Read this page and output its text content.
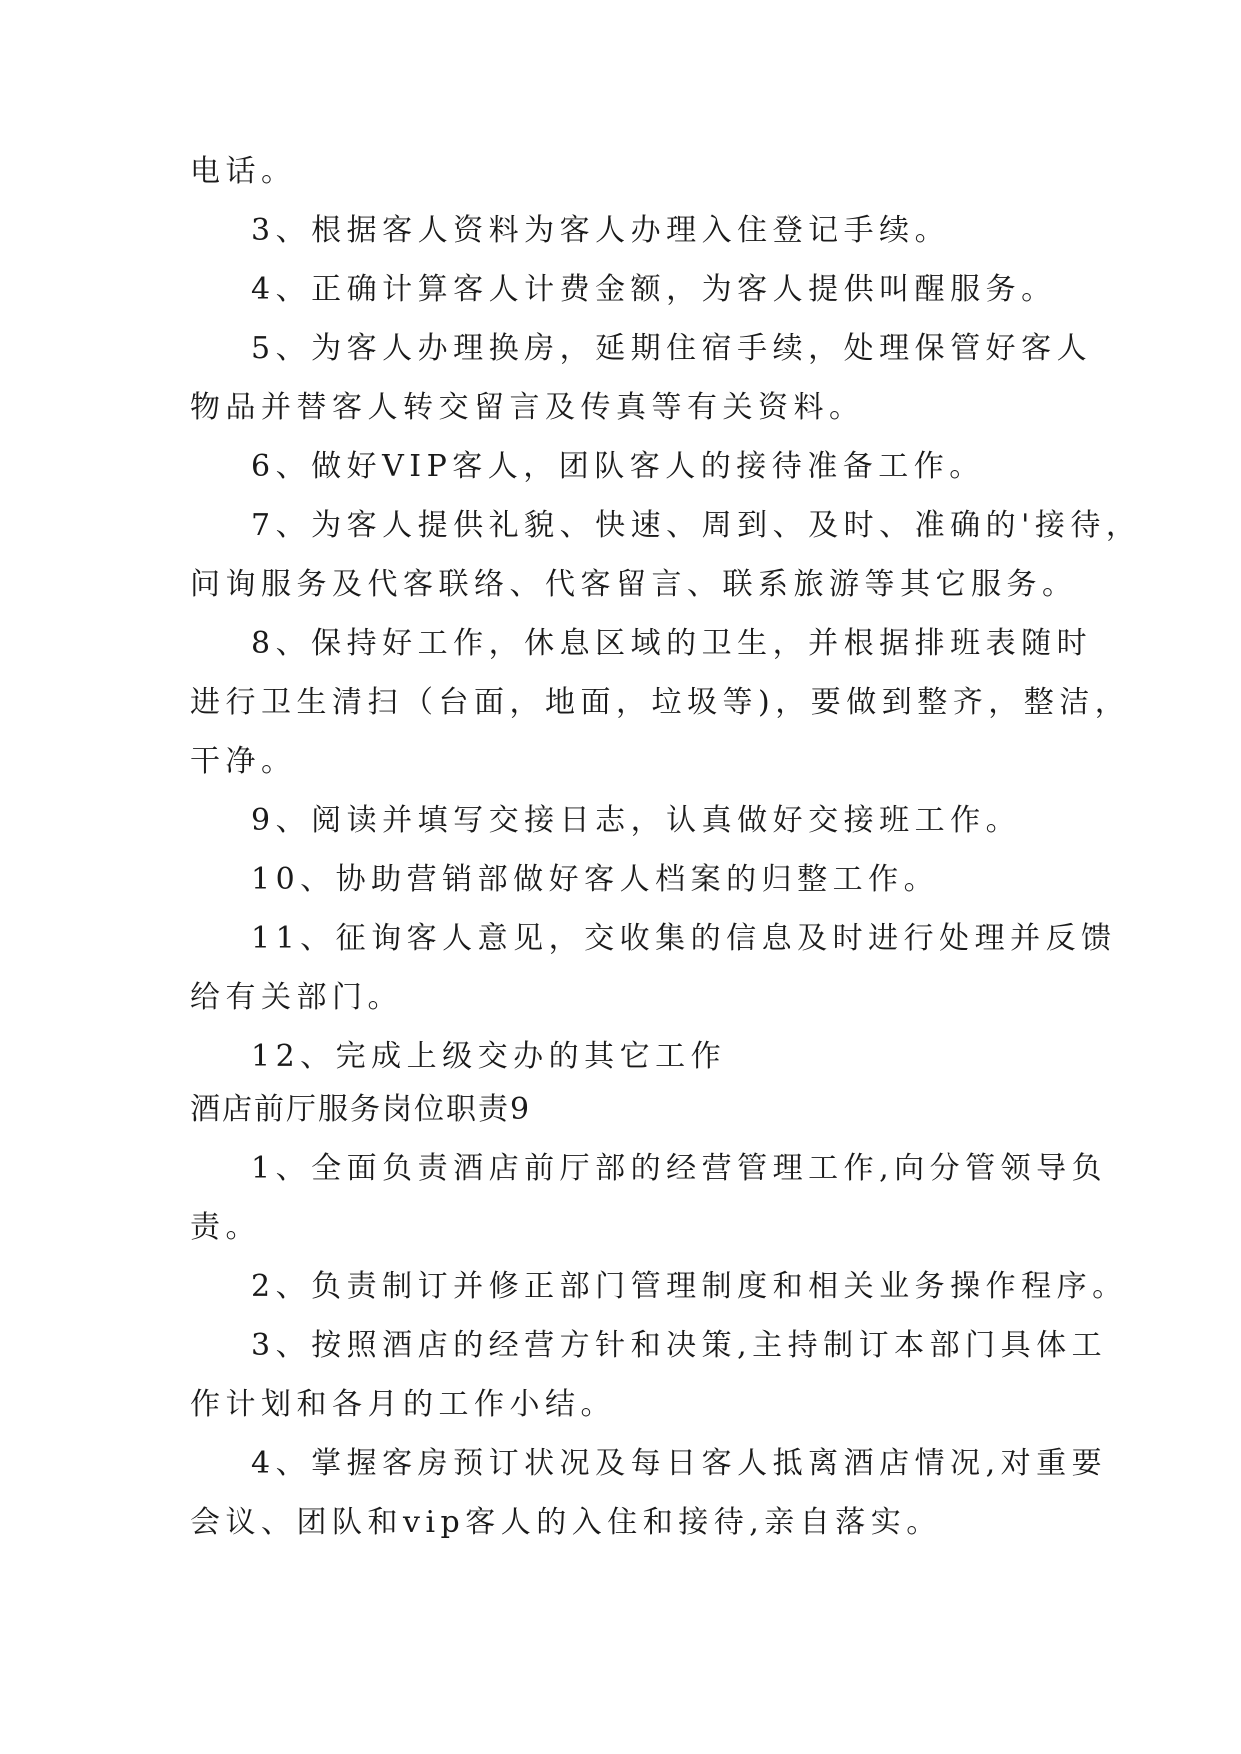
电话。
3、根据客人资料为客人办理入住登记手续。
4、正确计算客人计费金额，为客人提供叫醒服务。
5、为客人办理换房，延期住宿手续，处理保管好客人
物品并替客人转交留言及传真等有关资料。
6、做好VIP客人，团队客人的接待准备工作。
7、为客人提供礼貌、快速、周到、及时、准确的'接待，
问询服务及代客联络、代客留言、联系旅游等其它服务。
8、保持好工作，休息区域的卫生，并根据排班表随时
进行卫生清扫（台面，地面，垃圾等)，要做到整齐，整洁，
干净。
9、阅读并填写交接日志，认真做好交接班工作。
10、协助营销部做好客人档案的归整工作。
11、征询客人意见，交收集的信息及时进行处理并反馈
给有关部门。
12、完成上级交办的其它工作
酒店前厅服务岗位职责9
1、全面负责酒店前厅部的经营管理工作,向分管领导负
责。
2、负责制订并修正部门管理制度和相关业务操作程序。
3、按照酒店的经营方针和决策,主持制订本部门具体工
作计划和各月的工作小结。
4、掌握客房预订状况及每日客人抵离酒店情况,对重要
会议、团队和vip客人的入住和接待,亲自落实。
